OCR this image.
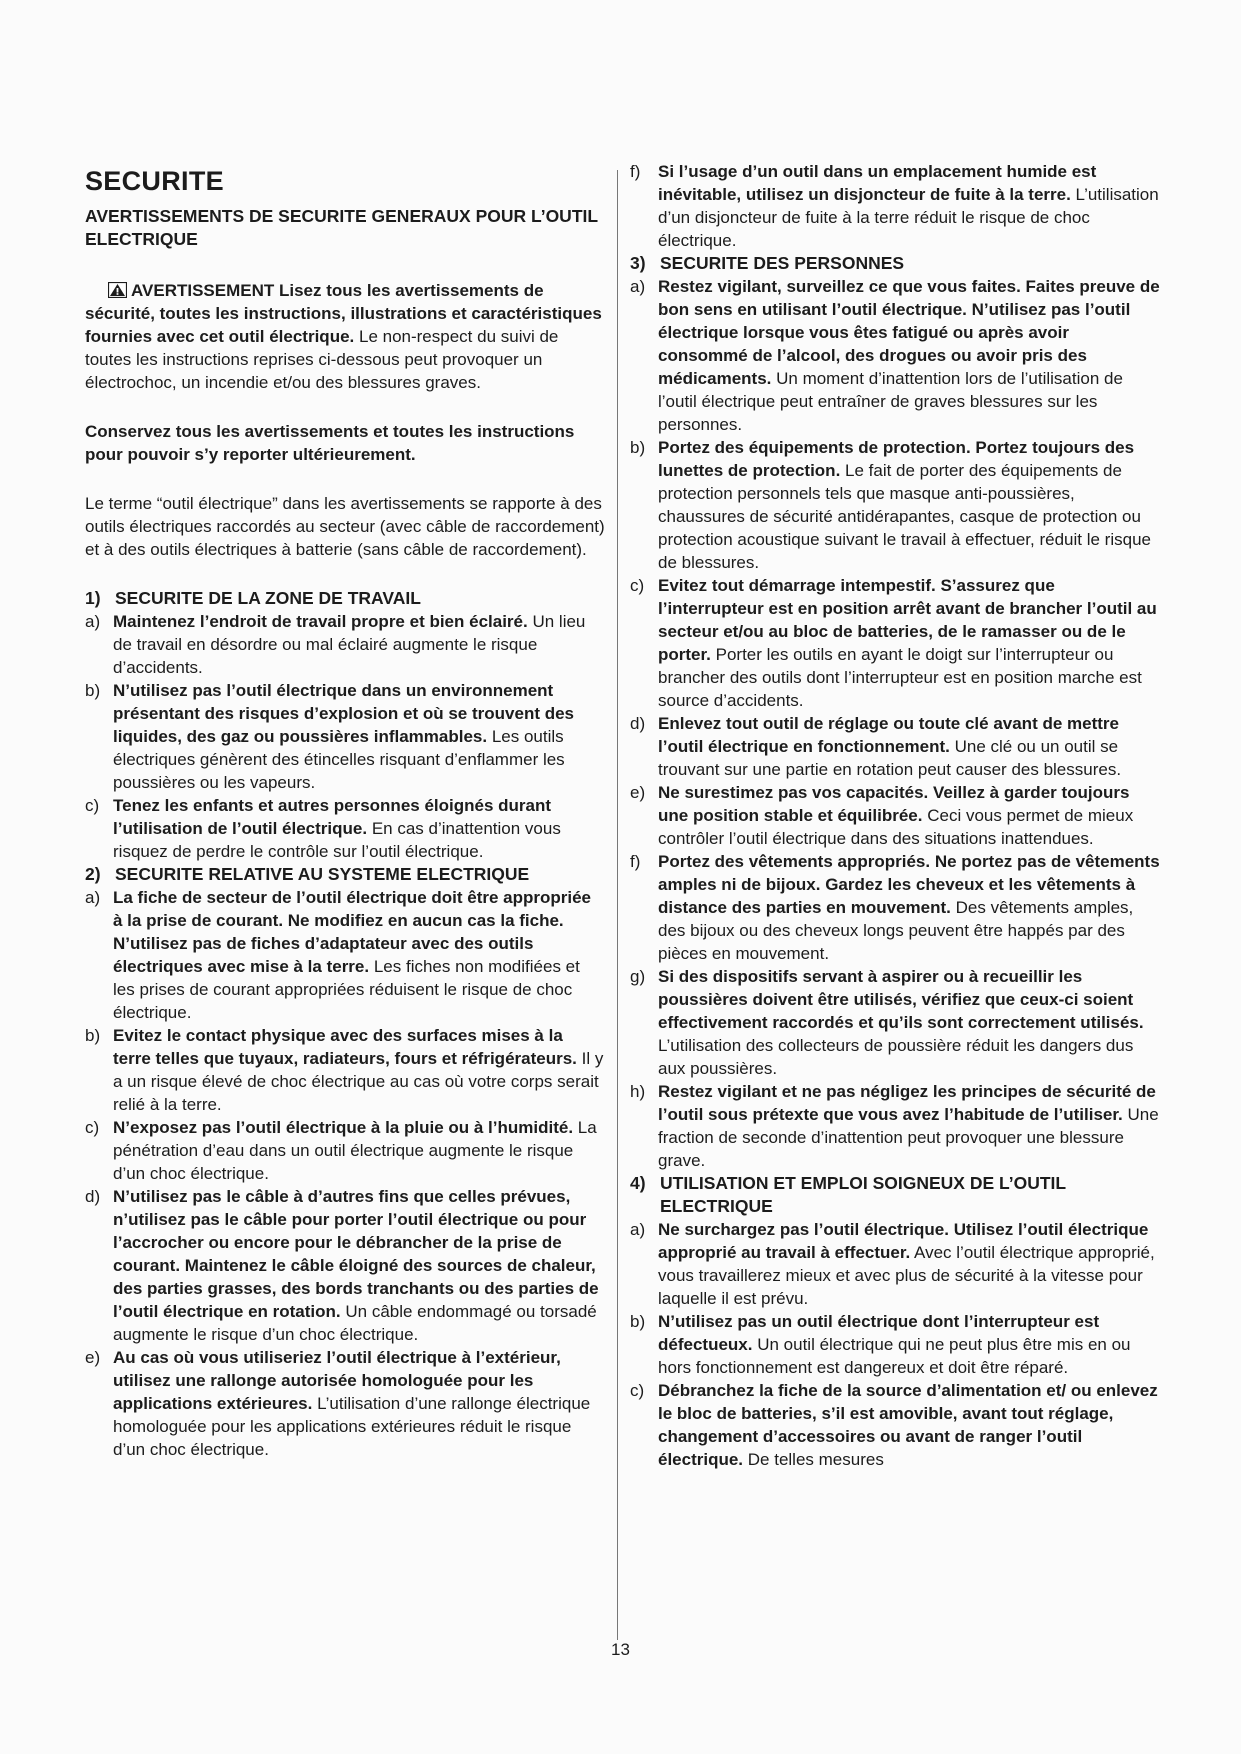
SECURITE
AVERTISSEMENTS DE SECURITE GENERAUX POUR L’OUTIL ELECTRIQUE

AVERTISSEMENT Lisez tous les avertissements de sécurité, toutes les instructions, illustrations et caractéristiques fournies avec cet outil électrique. Le non-respect du suivi de toutes les instructions reprises ci-dessous peut provoquer un électrochoc, un incendie et/ou des blessures graves.

Conservez tous les avertissements et toutes les instructions pour pouvoir s’y reporter ultérieurement.

Le terme “outil électrique” dans les avertissements se rapporte à des outils électriques raccordés au secteur (avec câble de raccordement) et à des outils électriques à batterie (sans câble de raccordement).

1) SECURITE DE LA ZONE DE TRAVAIL
a) Maintenez l’endroit de travail propre et bien éclairé. Un lieu de travail en désordre ou mal éclairé augmente le risque d’accidents.
b) N’utilisez pas l’outil électrique dans un environnement présentant des risques d’explosion et où se trouvent des liquides, des gaz ou poussières inflammables. Les outils électriques génèrent des étincelles risquant d’enflammer les poussières ou les vapeurs.
c) Tenez les enfants et autres personnes éloignés durant l’utilisation de l’outil électrique. En cas d’inattention vous risquez de perdre le contrôle sur l’outil électrique.
2) SECURITE RELATIVE AU SYSTEME ELECTRIQUE
a) La fiche de secteur de l’outil électrique doit être appropriée à la prise de courant. Ne modifiez en aucun cas la fiche. N’utilisez pas de fiches d’adaptateur avec des outils électriques avec mise à la terre. Les fiches non modifiées et les prises de courant appropriées réduisent le risque de choc électrique.
b) Evitez le contact physique avec des surfaces mises à la terre telles que tuyaux, radiateurs, fours et réfrigérateurs. Il y a un risque élevé de choc électrique au cas où votre corps serait relié à la terre.
c) N’exposez pas l’outil électrique à la pluie ou à l’humidité. La pénétration d’eau dans un outil électrique augmente le risque d’un choc électrique.
d) N’utilisez pas le câble à d’autres fins que celles prévues, n’utilisez pas le câble pour porter l’outil électrique ou pour l’accrocher ou encore pour le débrancher de la prise de courant. Maintenez le câble éloigné des sources de chaleur, des parties grasses, des bords tranchants ou des parties de l’outil électrique en rotation. Un câble endommagé ou torsadé augmente le risque d’un choc électrique.
e) Au cas où vous utiliseriez l’outil électrique à l’extérieur, utilisez une rallonge autorisée homologuée pour les applications extérieures. L’utilisation d’une rallonge électrique homologuée pour les applications extérieures réduit le risque d’un choc électrique.
f)	Si l’usage d’un outil dans un emplacement humide est inévitable, utilisez un disjoncteur de fuite à la terre. L’utilisation d’un disjoncteur de fuite à la terre réduit le risque de choc électrique.
3) SECURITE DES PERSONNES
a) Restez vigilant, surveillez ce que vous faites. Faites preuve de bon sens en utilisant l’outil électrique. N’utilisez pas l’outil électrique lorsque vous êtes fatigué ou après avoir consommé de l’alcool, des drogues ou avoir pris des médicaments. Un moment d’inattention lors de l’utilisation de l’outil électrique peut entraîner de graves blessures sur les personnes.
b) Portez des équipements de protection. Portez toujours des lunettes de protection. Le fait de porter des équipements de protection personnels tels que masque anti-poussières, chaussures de sécurité antidérapantes, casque de protection ou protection acoustique suivant le travail à effectuer, réduit le risque de blessures.
c) Evitez tout démarrage intempestif. S’assurez que l’interrupteur est en position arrêt avant de brancher l’outil au secteur et/ou au bloc de batteries, de le ramasser ou de le porter. Porter les outils en ayant le doigt sur l’interrupteur ou brancher des outils dont l’interrupteur est en position marche est source d’accidents.
d) Enlevez tout outil de réglage ou toute clé avant de mettre l’outil électrique en fonctionnement. Une clé ou un outil se trouvant sur une partie en rotation peut causer des blessures.
e) Ne surestimez pas vos capacités. Veillez à garder toujours une position stable et équilibrée. Ceci vous permet de mieux contrôler l’outil électrique dans des situations inattendues.
f)	Portez des vêtements appropriés. Ne portez pas de vêtements amples ni de bijoux. Gardez les cheveux et les vêtements à distance des parties en mouvement. Des vêtements amples, des bijoux ou des cheveux longs peuvent être happés par des pièces en mouvement.
g) Si des dispositifs servant à aspirer ou à recueillir les poussières doivent être utilisés, vérifiez que ceux-ci soient effectivement raccordés et qu’ils sont correctement utilisés. L’utilisation des collecteurs de poussière réduit les dangers dus aux poussières.
h) Restez vigilant et ne pas négligez les principes de sécurité de l’outil sous prétexte que vous avez l’habitude de l’utiliser. Une fraction de seconde d’inattention peut provoquer une blessure grave.
4) UTILISATION ET EMPLOI SOIGNEUX DE L’OUTIL ELECTRIQUE
a) Ne surchargez pas l’outil électrique. Utilisez l’outil électrique approprié au travail à effectuer. Avec l’outil électrique approprié, vous travaillerez mieux et avec plus de sécurité à la vitesse pour laquelle il est prévu.
b) N’utilisez pas un outil électrique dont l’interrupteur est défectueux. Un outil électrique qui ne peut plus être mis en ou hors fonctionnement est dangereux et doit être réparé.
c) Débranchez la fiche de la source d’alimentation et/ ou enlevez le bloc de batteries, s’il est amovible, avant tout réglage, changement d’accessoires ou avant de ranger l’outil électrique. De telles mesures
13
